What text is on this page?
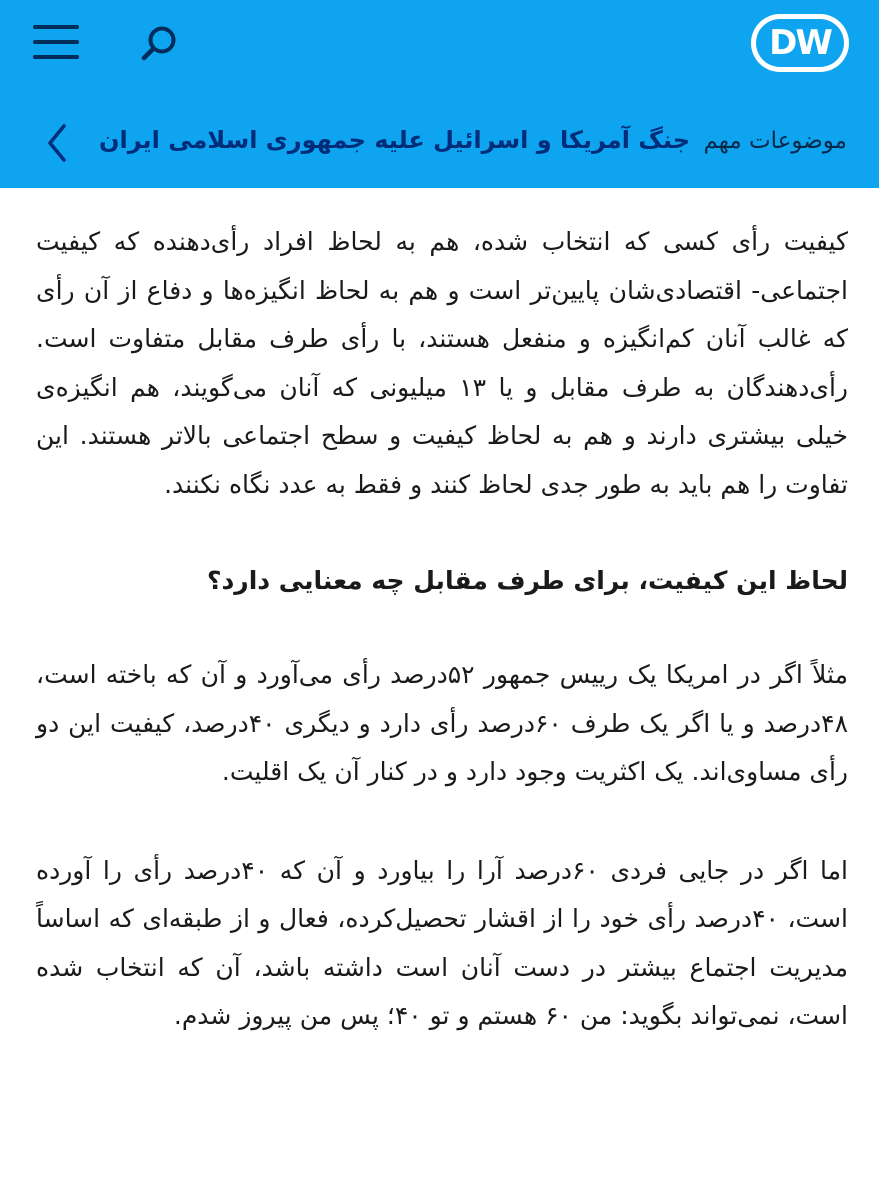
DW
موضوعات مهم
جنگ آمریکا و اسرائیل علیه جمهوری اسلامی ایران

کیفیت رأی کسی که انتخاب شده، هم به لحاظ افراد رأی‌دهنده که کیفیت اجتماعی- اقتصادی‌شان پایین‌تر است و هم به لحاظ انگیزه‌ها و دفاع از آن رأی که غالب آنان کم‌انگیزه و منفعل هستند، با رأی طرف مقابل متفاوت است. رأی‌دهندگان به طرف مقابل و یا ۱۳ میلیونی که آنان می‌گویند، هم انگیزه‌ی خیلی بیشتری دارند و هم به لحاظ کیفیت و سطح اجتماعی بالاتر هستند. این تفاوت را هم باید به طور جدی لحاظ کنند و فقط به عدد نگاه نکنند.

لحاظ این کیفیت، برای طرف مقابل چه معنایی دارد؟

مثلاً اگر در امریکا یک رییس جمهور ۵۲درصد رأی می‌آورد و آن که باخته است، ۴۸درصد و یا اگر یک طرف ۶۰درصد رأی دارد و دیگری ۴۰درصد، کیفیت این دو رأی مساوی‌اند. یک اکثریت وجود دارد و در کنار آن یک اقلیت.

اما اگر در جایی فردی ۶۰درصد آرا را بیاورد و آن که ۴۰درصد رأی را آورده است، ۴۰درصد رأی خود را از اقشار تحصیل‌کرده، فعال و از طبقه‌ای که اساساً مدیریت اجتماع بیشتر در دست آنان است داشته باشد، آن که انتخاب شده است، نمی‌تواند بگوید: من ۶۰ هستم و تو ۴۰؛ پس من پیروز شدم.
